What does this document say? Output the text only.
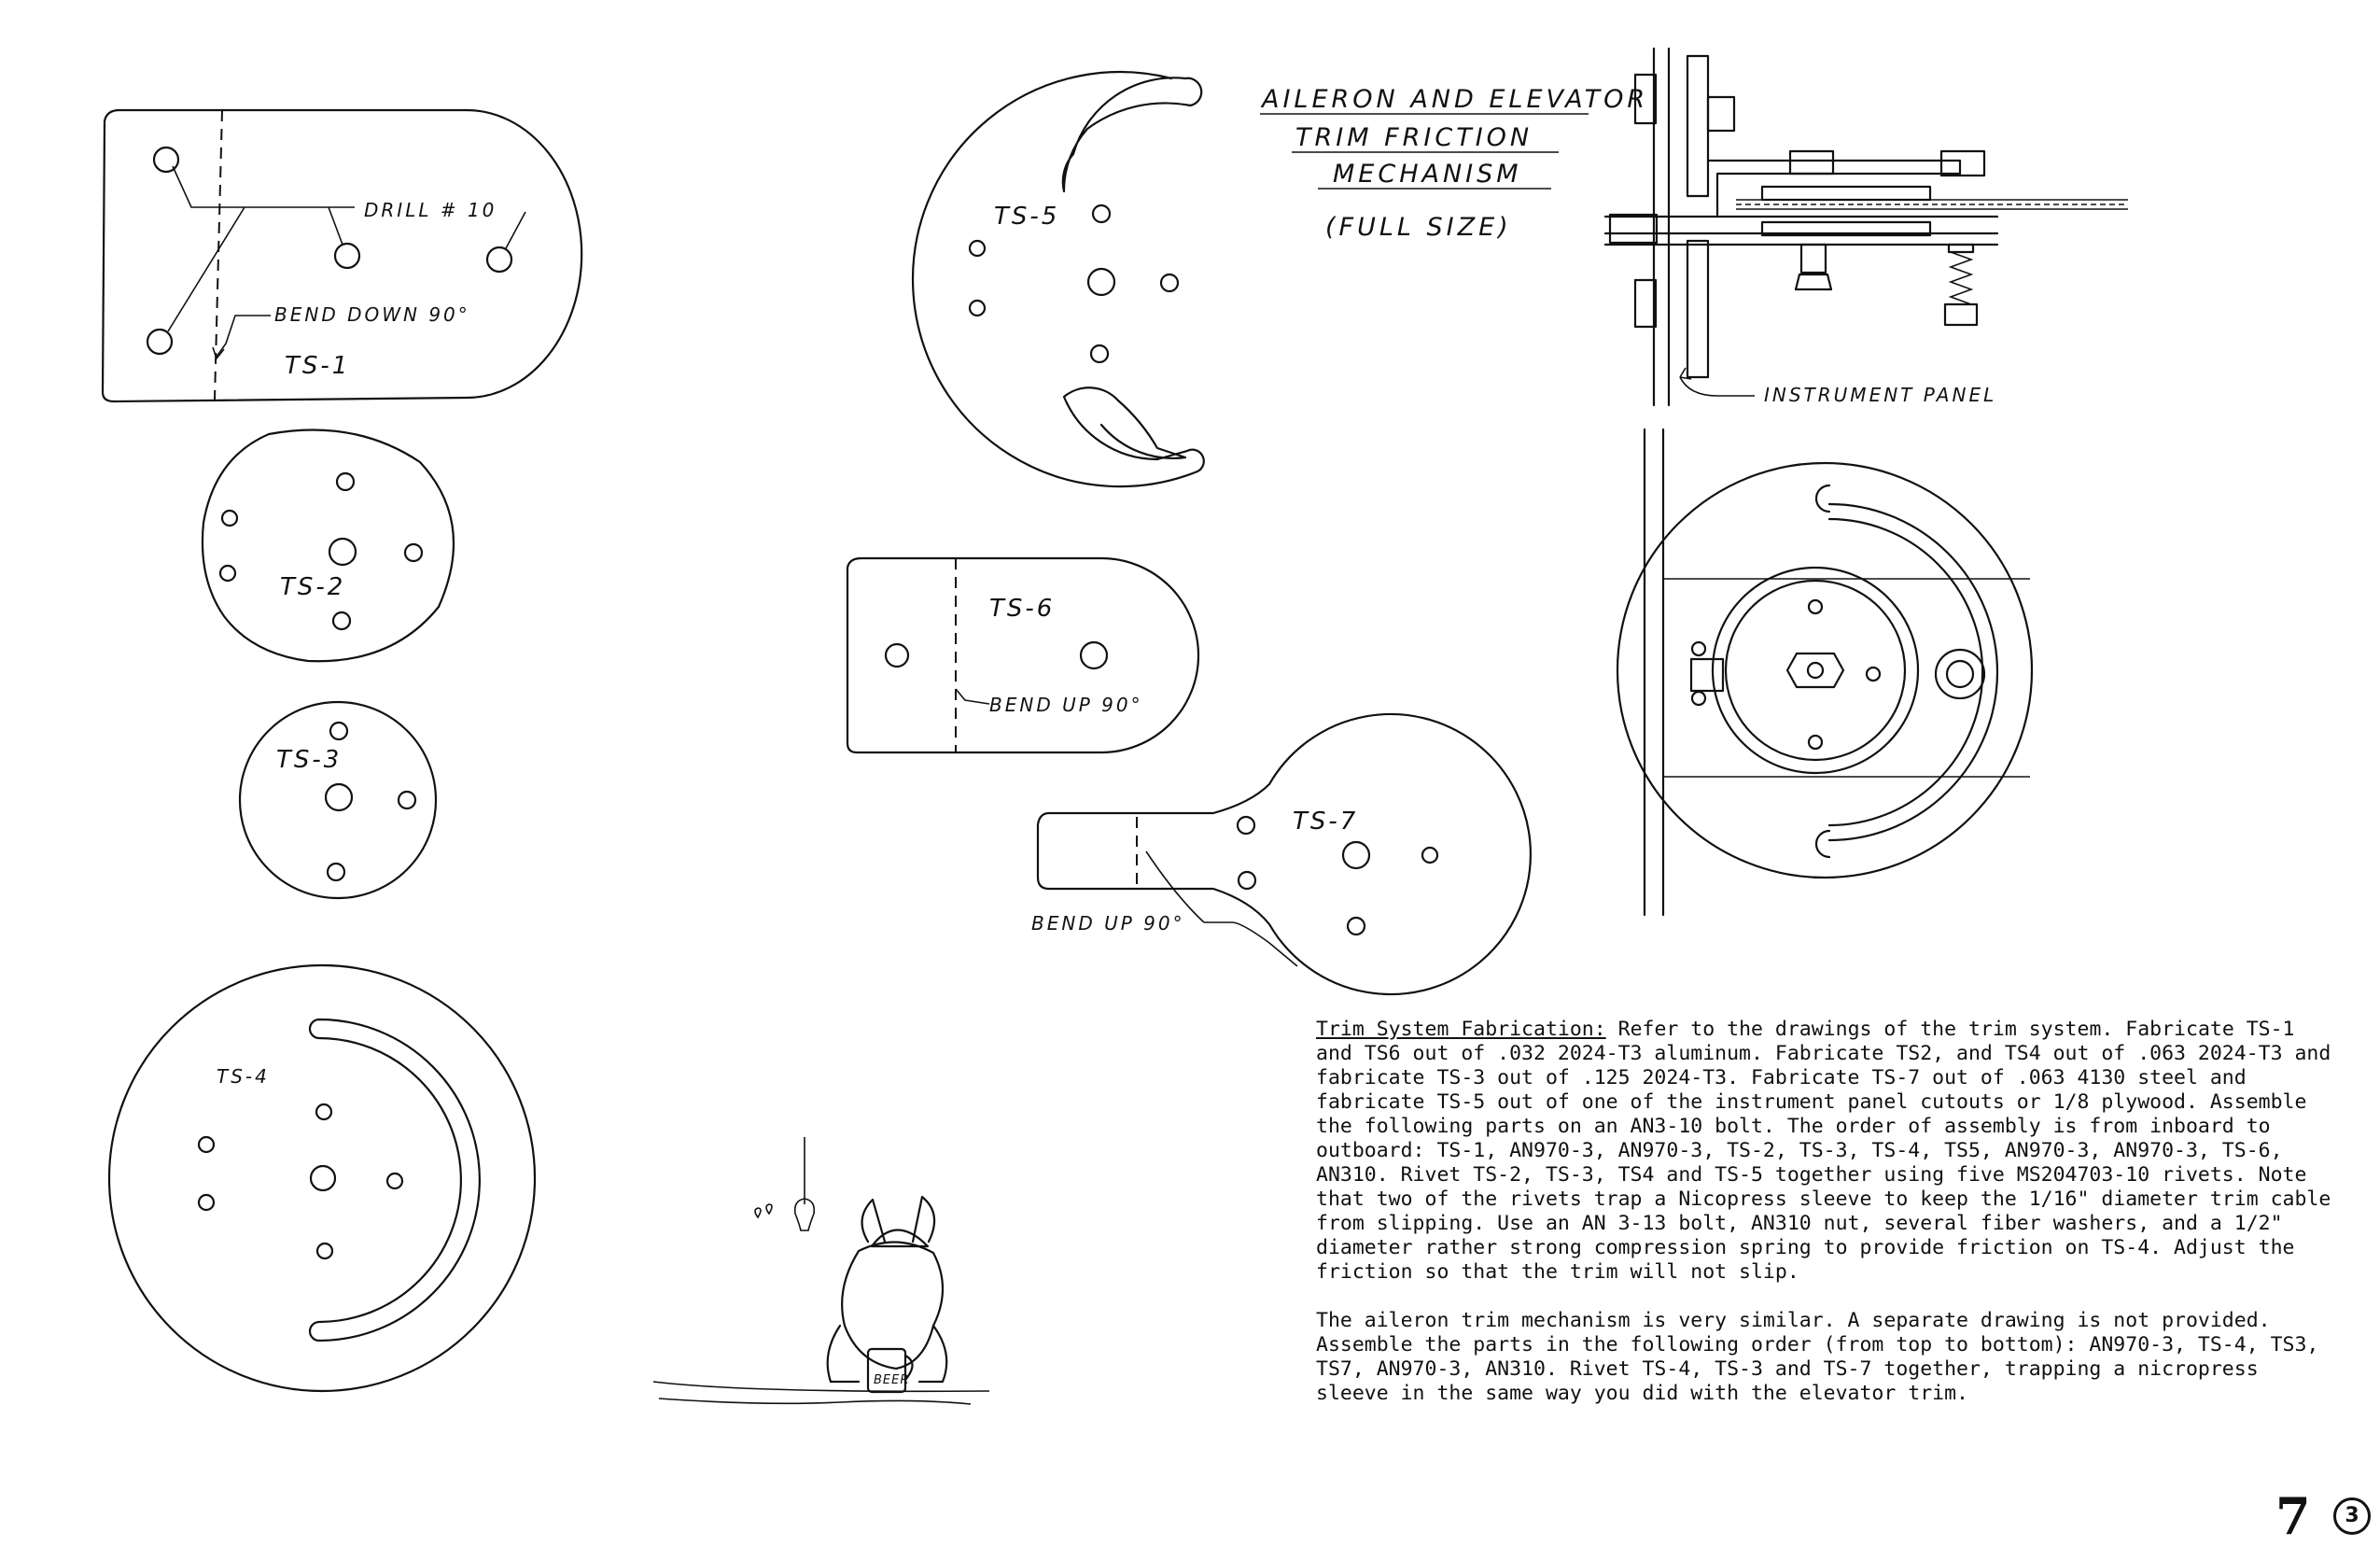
DRILL # 10
BEND DOWN 90°
TS-1
TS-2
TS-3
TS-4
TS-5
TS-6
BEND UP 90°
BEND UP 90°
TS-7
AILERON AND ELEVATOR
TRIM FRICTION
MECHANISM
(FULL SIZE)
INSTRUMENT PANEL
BEER

Trim System Fabrication: Refer to the drawings of the trim system. Fabricate TS-1 and TS6 out of .032 2024-T3 aluminum. Fabricate TS2, and TS4 out of .063 2024-T3 and fabricate TS-3 out of .125 2024-T3. Fabricate TS-7 out of .063 4130 steel and fabricate TS-5 out of one of the instrument panel cutouts or 1/8 plywood. Assemble the following parts on an AN3-10 bolt. The order of assembly is from inboard to outboard: TS-1, AN970-3, AN970-3, TS-2, TS-3, TS-4, TS5, AN970-3, AN970-3, TS-6, AN310. Rivet TS-2, TS-3, TS4 and TS-5 together using five MS204703-10 rivets. Note that two of the rivets trap a Nicopress sleeve to keep the 1/16" diameter trim cable from slipping. Use an AN 3-13 bolt, AN310 nut, several fiber washers, and a 1/2" diameter rather strong compression spring to provide friction on TS-4. Adjust the friction so that the trim will not slip.

The aileron trim mechanism is very similar. A separate drawing is not provided. Assemble the parts in the following order (from top to bottom): AN970-3, TS-4, TS3, TS7, AN970-3, AN310. Rivet TS-4, TS-3 and TS-7 together, trapping a nicropress sleeve in the same way you did with the elevator trim.

7	3
